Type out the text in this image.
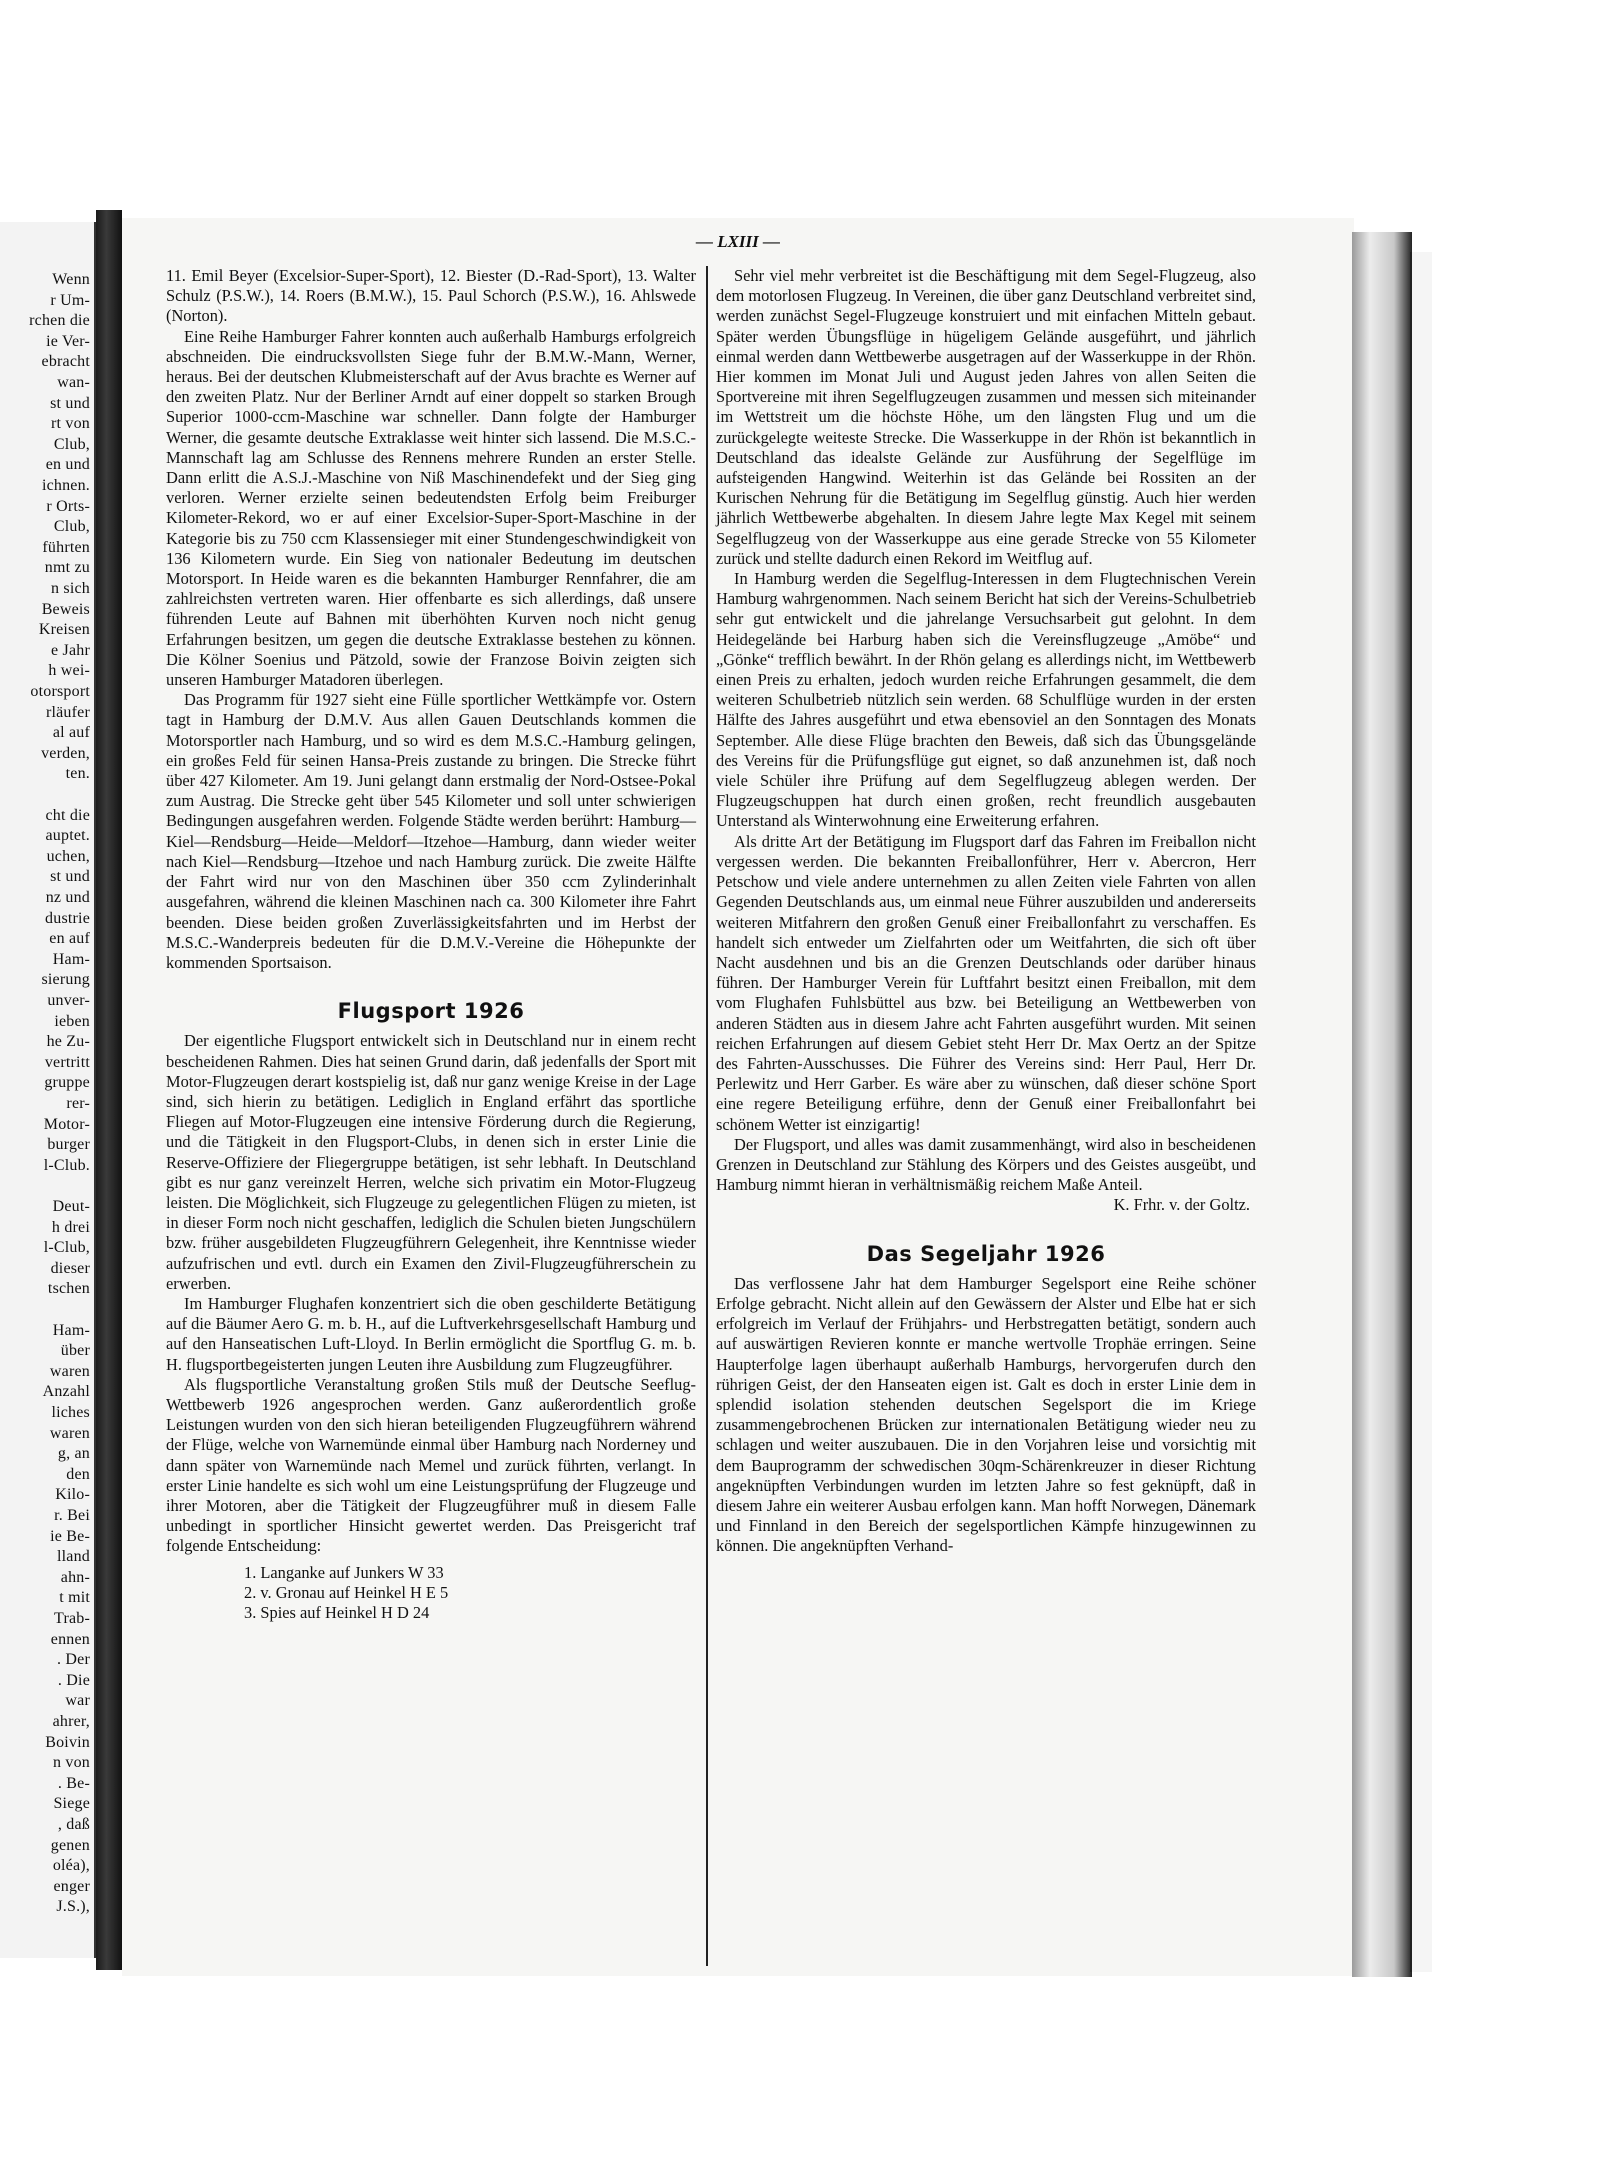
Wenn
r Um-
rchen die
ie Ver-
ebracht
wan-
st und
rt von
Club,
en und
ichnen.
r Orts-
Club,
führten
nmt zu
n sich
Beweis
Kreisen
e Jahr
h wei-
otorsport
rläufer
al auf
verden,
ten.
cht die
auptet.
uchen,
st und
nz und
dustrie
en auf
Ham-
sierung
unver-
ieben
he Zu-
vertritt
gruppe
rer-
Motor-
burger
l-Club.
Deut-
h drei
l-Club,
dieser
tschen
Ham-
über
waren
Anzahl
liches
waren
g, an
den
Kilo-
r. Bei
ie Be-
lland
ahn-
t mit
Trab-
ennen
. Der
. Die
war
ahrer,
Boivin
n von
. Be-
Siege
, daß
genen
oléa),
enger
J.S.),
— LXIII —

11. Emil Beyer (Excelsior-Super-Sport), 12. Biester (D.-Rad-Sport), 13. Walter Schulz (P.S.W.), 14. Roers (B.M.W.), 15. Paul Schorch (P.S.W.), 16. Ahlswede (Norton).

Eine Reihe Hamburger Fahrer konnten auch außerhalb Hamburgs erfolgreich abschneiden. Die eindrucksvollsten Siege fuhr der B.M.W.-Mann, Werner, heraus. Bei der deutschen Klubmeisterschaft auf der Avus brachte es Werner auf den zweiten Platz. Nur der Berliner Arndt auf einer doppelt so starken Brough Superior 1000-ccm-Maschine war schneller. Dann folgte der Hamburger Werner, die gesamte deutsche Extraklasse weit hinter sich lassend. Die M.S.C.-Mannschaft lag am Schlusse des Rennens mehrere Runden an erster Stelle. Dann erlitt die A.S.J.-Maschine von Niß Maschinendefekt und der Sieg ging verloren. Werner erzielte seinen bedeutendsten Erfolg beim Freiburger Kilometer-Rekord, wo er auf einer Excelsior-Super-Sport-Maschine in der Kategorie bis zu 750 ccm Klassensieger mit einer Stundengeschwindigkeit von 136 Kilometern wurde. Ein Sieg von nationaler Bedeutung im deutschen Motorsport. In Heide waren es die bekannten Hamburger Rennfahrer, die am zahlreichsten vertreten waren. Hier offenbarte es sich allerdings, daß unsere führenden Leute auf Bahnen mit überhöhten Kurven noch nicht genug Erfahrungen besitzen, um gegen die deutsche Extraklasse bestehen zu können. Die Kölner Soenius und Pätzold, sowie der Franzose Boivin zeigten sich unseren Hamburger Matadoren überlegen.

Das Programm für 1927 sieht eine Fülle sportlicher Wettkämpfe vor. Ostern tagt in Hamburg der D.M.V. Aus allen Gauen Deutschlands kommen die Motorsportler nach Hamburg, und so wird es dem M.S.C.-Hamburg gelingen, ein großes Feld für seinen Hansa-Preis zustande zu bringen. Die Strecke führt über 427 Kilometer. Am 19. Juni gelangt dann erstmalig der Nord-Ostsee-Pokal zum Austrag. Die Strecke geht über 545 Kilometer und soll unter schwierigen Bedingungen ausgefahren werden. Folgende Städte werden berührt: Hamburg—Kiel—Rendsburg—Heide—Meldorf—Itzehoe—Hamburg, dann wieder weiter nach Kiel—Rendsburg—Itzehoe und nach Hamburg zurück. Die zweite Hälfte der Fahrt wird nur von den Maschinen über 350 ccm Zylinderinhalt ausgefahren, während die kleinen Maschinen nach ca. 300 Kilometer ihre Fahrt beenden. Diese beiden großen Zuverlässigkeitsfahrten und im Herbst der M.S.C.-Wanderpreis bedeuten für die D.M.V.-Vereine die Höhepunkte der kommenden Sportsaison.

Flugsport 1926

Der eigentliche Flugsport entwickelt sich in Deutschland nur in einem recht bescheidenen Rahmen. Dies hat seinen Grund darin, daß jedenfalls der Sport mit Motor-Flugzeugen derart kostspielig ist, daß nur ganz wenige Kreise in der Lage sind, sich hierin zu betätigen. Lediglich in England erfährt das sportliche Fliegen auf Motor-Flugzeugen eine intensive Förderung durch die Regierung, und die Tätigkeit in den Flugsport-Clubs, in denen sich in erster Linie die Reserve-Offiziere der Fliegergruppe betätigen, ist sehr lebhaft. In Deutschland gibt es nur ganz vereinzelt Herren, welche sich privatim ein Motor-Flugzeug leisten. Die Möglichkeit, sich Flugzeuge zu gelegentlichen Flügen zu mieten, ist in dieser Form noch nicht geschaffen, lediglich die Schulen bieten Jungschülern bzw. früher ausgebildeten Flugzeugführern Gelegenheit, ihre Kenntnisse wieder aufzufrischen und evtl. durch ein Examen den Zivil-Flugzeugführerschein zu erwerben.

Im Hamburger Flughafen konzentriert sich die oben geschilderte Betätigung auf die Bäumer Aero G. m. b. H., auf die Luftverkehrsgesellschaft Hamburg und auf den Hanseatischen Luft-Lloyd. In Berlin ermöglicht die Sportflug G. m. b. H. flugsportbegeisterten jungen Leuten ihre Ausbildung zum Flugzeugführer.

Als flugsportliche Veranstaltung großen Stils muß der Deutsche Seeflug-Wettbewerb 1926 angesprochen werden. Ganz außerordentlich große Leistungen wurden von den sich hieran beteiligenden Flugzeugführern während der Flüge, welche von Warnemünde einmal über Hamburg nach Norderney und dann später von Warnemünde nach Memel und zurück führten, verlangt. In erster Linie handelte es sich wohl um eine Leistungsprüfung der Flugzeuge und ihrer Motoren, aber die Tätigkeit der Flugzeugführer muß in diesem Falle unbedingt in sportlicher Hinsicht gewertet werden. Das Preisgericht traf folgende Entscheidung:

1. Langanke auf Junkers W 33
2. v. Gronau auf Heinkel H E 5
3. Spies auf Heinkel H D 24

Sehr viel mehr verbreitet ist die Beschäftigung mit dem Segel-Flugzeug, also dem motorlosen Flugzeug. In Vereinen, die über ganz Deutschland verbreitet sind, werden zunächst Segel-Flugzeuge konstruiert und mit einfachen Mitteln gebaut. Später werden Übungsflüge in hügeligem Gelände ausgeführt, und jährlich einmal werden dann Wettbewerbe ausgetragen auf der Wasserkuppe in der Rhön. Hier kommen im Monat Juli und August jeden Jahres von allen Seiten die Sportvereine mit ihren Segelflugzeugen zusammen und messen sich miteinander im Wettstreit um die höchste Höhe, um den längsten Flug und um die zurückgelegte weiteste Strecke. Die Wasserkuppe in der Rhön ist bekanntlich in Deutschland das idealste Gelände zur Ausführung der Segelflüge im aufsteigenden Hangwind. Weiterhin ist das Gelände bei Rossiten an der Kurischen Nehrung für die Betätigung im Segelflug günstig. Auch hier werden jährlich Wettbewerbe abgehalten. In diesem Jahre legte Max Kegel mit seinem Segelflugzeug von der Wasserkuppe aus eine gerade Strecke von 55 Kilometer zurück und stellte dadurch einen Rekord im Weitflug auf.

In Hamburg werden die Segelflug-Interessen in dem Flugtechnischen Verein Hamburg wahrgenommen. Nach seinem Bericht hat sich der Vereins-Schulbetrieb sehr gut entwickelt und die jahrelange Versuchsarbeit gut gelohnt. In dem Heidegelände bei Harburg haben sich die Vereinsflugzeuge „Amöbe“ und „Gönke“ trefflich bewährt. In der Rhön gelang es allerdings nicht, im Wettbewerb einen Preis zu erhalten, jedoch wurden reiche Erfahrungen gesammelt, die dem weiteren Schulbetrieb nützlich sein werden. 68 Schulflüge wurden in der ersten Hälfte des Jahres ausgeführt und etwa ebensoviel an den Sonntagen des Monats September. Alle diese Flüge brachten den Beweis, daß sich das Übungsgelände des Vereins für die Prüfungsflüge gut eignet, so daß anzunehmen ist, daß noch viele Schüler ihre Prüfung auf dem Segelflugzeug ablegen werden. Der Flugzeugschuppen hat durch einen großen, recht freundlich ausgebauten Unterstand als Winterwohnung eine Erweiterung erfahren.

Als dritte Art der Betätigung im Flugsport darf das Fahren im Freiballon nicht vergessen werden. Die bekannten Freiballonführer, Herr v. Abercron, Herr Petschow und viele andere unternehmen zu allen Zeiten viele Fahrten von allen Gegenden Deutschlands aus, um einmal neue Führer auszubilden und andererseits weiteren Mitfahrern den großen Genuß einer Freiballonfahrt zu verschaffen. Es handelt sich entweder um Zielfahrten oder um Weitfahrten, die sich oft über Nacht ausdehnen und bis an die Grenzen Deutschlands oder darüber hinaus führen. Der Hamburger Verein für Luftfahrt besitzt einen Freiballon, mit dem vom Flughafen Fuhlsbüttel aus bzw. bei Beteiligung an Wettbewerben von anderen Städten aus in diesem Jahre acht Fahrten ausgeführt wurden. Mit seinen reichen Erfahrungen auf diesem Gebiet steht Herr Dr. Max Oertz an der Spitze des Fahrten-Ausschusses. Die Führer des Vereins sind: Herr Paul, Herr Dr. Perlewitz und Herr Garber. Es wäre aber zu wünschen, daß dieser schöne Sport eine regere Beteiligung erführe, denn der Genuß einer Freiballonfahrt bei schönem Wetter ist einzigartig!

Der Flugsport, und alles was damit zusammenhängt, wird also in bescheidenen Grenzen in Deutschland zur Stählung des Körpers und des Geistes ausgeübt, und Hamburg nimmt hieran in verhältnismäßig reichem Maße Anteil.

K. Frhr. v. der Goltz.
Das Segeljahr 1926

Das verflossene Jahr hat dem Hamburger Segelsport eine Reihe schöner Erfolge gebracht. Nicht allein auf den Gewässern der Alster und Elbe hat er sich erfolgreich im Verlauf der Frühjahrs- und Herbstregatten betätigt, sondern auch auf auswärtigen Revieren konnte er manche wertvolle Trophäe erringen. Seine Haupterfolge lagen überhaupt außerhalb Hamburgs, hervorgerufen durch den rührigen Geist, der den Hanseaten eigen ist. Galt es doch in erster Linie dem in splendid isolation stehenden deutschen Segelsport die im Kriege zusammengebrochenen Brücken zur internationalen Betätigung wieder neu zu schlagen und weiter auszubauen. Die in den Vorjahren leise und vorsichtig mit dem Bauprogramm der schwedischen 30qm-Schärenkreuzer in dieser Richtung angeknüpften Verbindungen wurden im letzten Jahre so fest geknüpft, daß in diesem Jahre ein weiterer Ausbau erfolgen kann. Man hofft Norwegen, Dänemark und Finnland in den Bereich der segelsportlichen Kämpfe hinzugewinnen zu können. Die angeknüpften Verhand-
